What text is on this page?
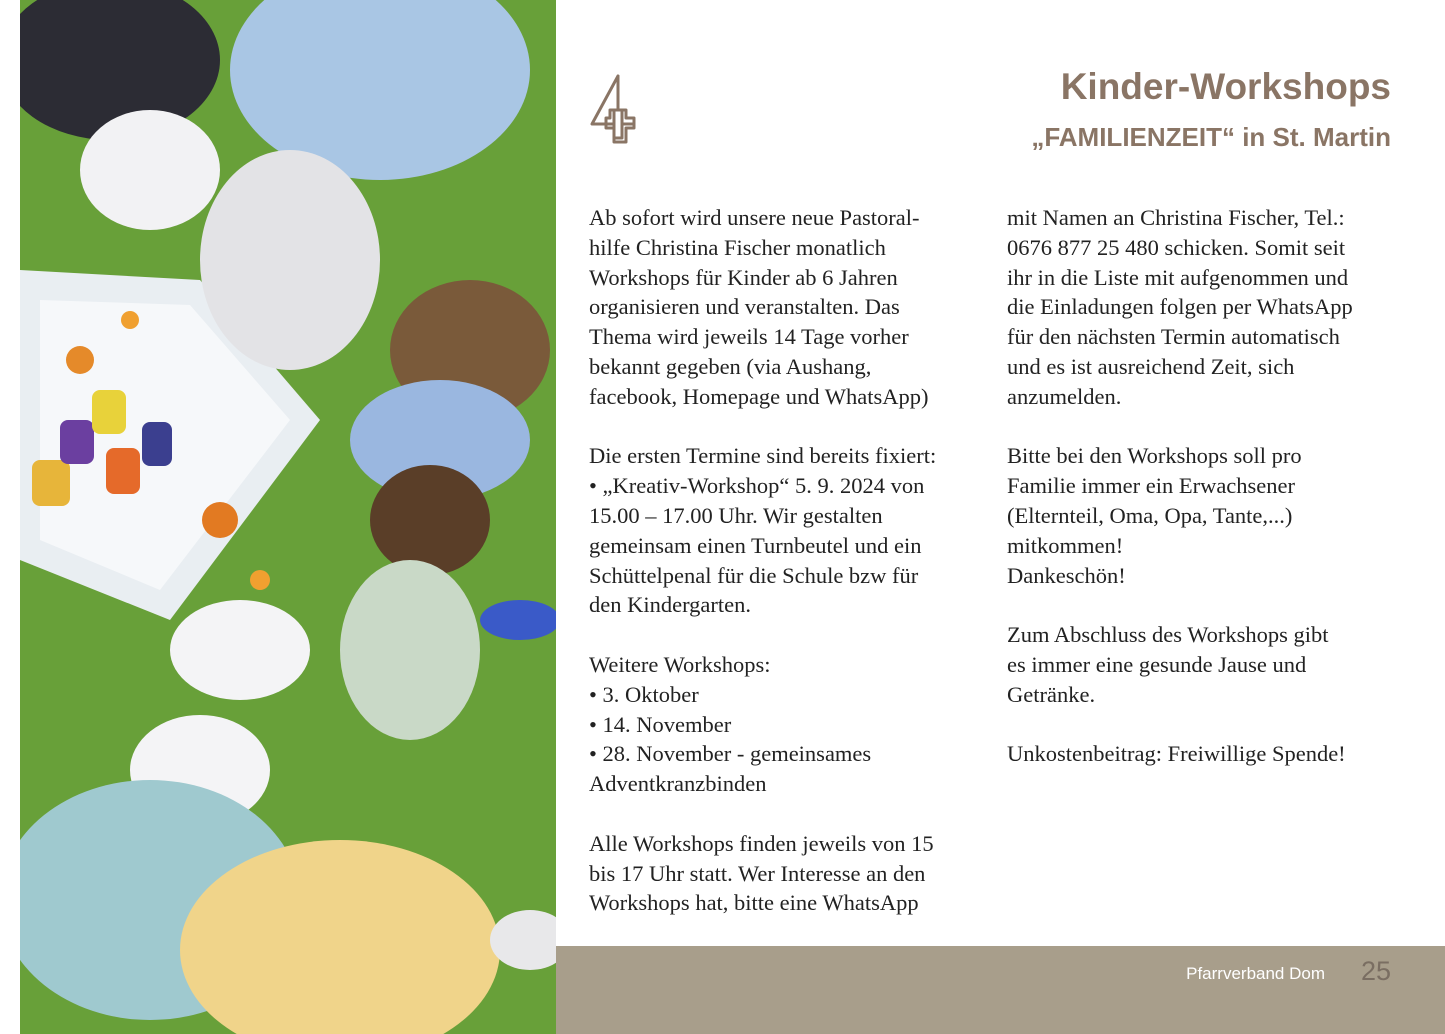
Kinder-Workshops
„FAMILIENZEIT“ in St. Martin

Ab sofort wird unsere neue Pastoral-
hilfe Christina Fischer monatlich
Workshops für Kinder ab 6 Jahren
organisieren und veranstalten. Das
Thema wird jeweils 14 Tage vorher
bekannt gegeben (via Aushang,
facebook, Homepage und WhatsApp)

Die ersten Termine sind bereits fixiert:
• „Kreativ-Workshop“ 5. 9. 2024 von
15.00 – 17.00 Uhr. Wir gestalten
gemeinsam einen Turnbeutel und ein
Schüttelpenal für die Schule bzw für
den Kindergarten.

Weitere Workshops:
• 3. Oktober
• 14. November
• 28. November - gemeinsames
Adventkranzbinden

Alle Workshops finden jeweils von 15
bis 17 Uhr statt. Wer Interesse an den
Workshops hat, bitte eine WhatsApp

mit Namen an Christina Fischer, Tel.:
0676 877 25 480 schicken. Somit seit
ihr in die Liste mit aufgenommen und
die Einladungen folgen per WhatsApp
für den nächsten Termin automatisch
und es ist ausreichend Zeit, sich
anzumelden.

Bitte bei den Workshops soll pro
Familie immer ein Erwachsener
(Elternteil, Oma, Opa, Tante,...)
mitkommen!
Dankeschön!

Zum Abschluss des Workshops gibt
es immer eine gesunde Jause und
Getränke.

Unkostenbeitrag: Freiwillige Spende!

Pfarrverband Dom 25
